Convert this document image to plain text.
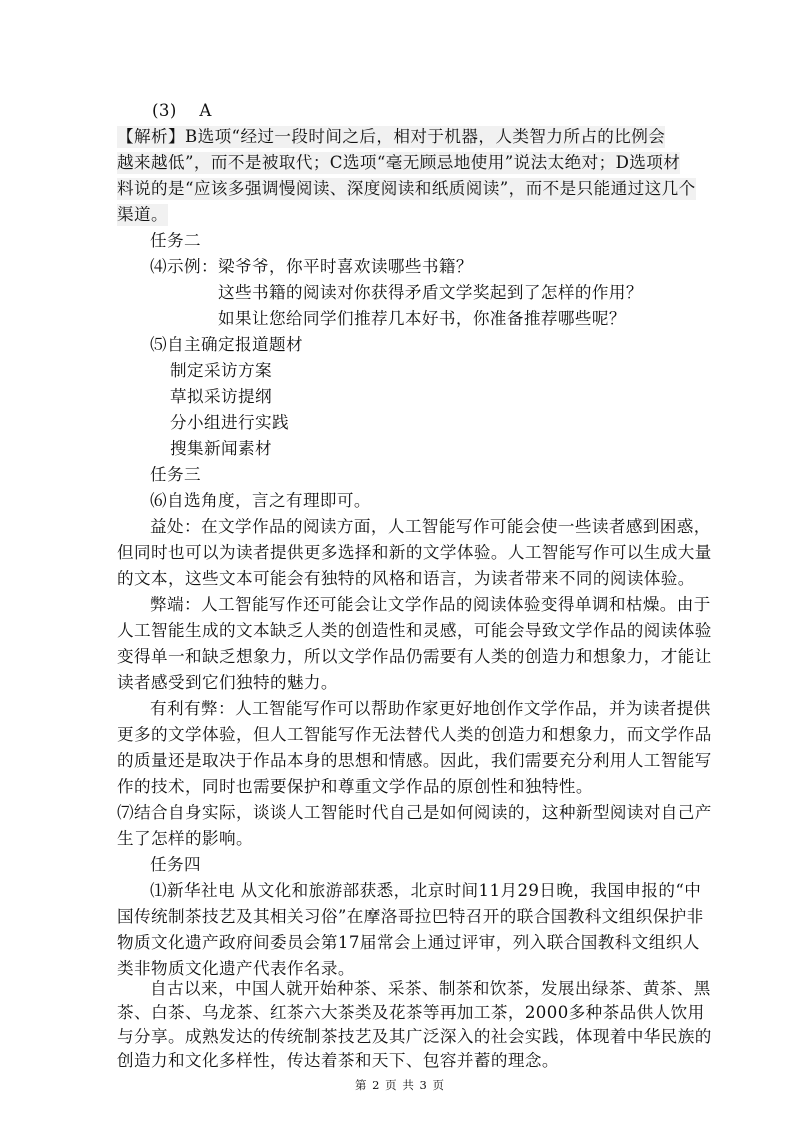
(3)　 A
【解析】B选项“经过一段时间之后，相对于机器，人类智力所占的比例会
越来越低”，而不是被取代；C选项“毫无顾忌地使用”说法太绝对；D选项材
料说的是“应该多强调慢阅读、深度阅读和纸质阅读”，而不是只能通过这几个
渠道。
任务二
⑷示例：梁爷爷，你平时喜欢读哪些书籍？
这些书籍的阅读对你获得矛盾文学奖起到了怎样的作用？
如果让您给同学们推荐几本好书，你准备推荐哪些呢？
⑸自主确定报道题材
制定采访方案
草拟采访提纲
分小组进行实践
搜集新闻素材
任务三
⑹自选角度，言之有理即可。
益处：在文学作品的阅读方面，人工智能写作可能会使一些读者感到困惑，
但同时也可以为读者提供更多选择和新的文学体验。人工智能写作可以生成大量
的文本，这些文本可能会有独特的风格和语言，为读者带来不同的阅读体验。
弊端：人工智能写作还可能会让文学作品的阅读体验变得单调和枯燥。由于
人工智能生成的文本缺乏人类的创造性和灵感，可能会导致文学作品的阅读体验
变得单一和缺乏想象力，所以文学作品仍需要有人类的创造力和想象力，才能让
读者感受到它们独特的魅力。
有利有弊：人工智能写作可以帮助作家更好地创作文学作品，并为读者提供
更多的文学体验，但人工智能写作无法替代人类的创造力和想象力，而文学作品
的质量还是取决于作品本身的思想和情感。因此，我们需要充分利用人工智能写
作的技术，同时也需要保护和尊重文学作品的原创性和独特性。
⑺结合自身实际，谈谈人工智能时代自己是如何阅读的，这种新型阅读对自己产
生了怎样的影响。
任务四
⑴新华社电 从文化和旅游部获悉，北京时间11月29日晚，我国申报的“中
国传统制茶技艺及其相关习俗”在摩洛哥拉巴特召开的联合国教科文组织保护非
物质文化遗产政府间委员会第17届常会上通过评审，列入联合国教科文组织人
类非物质文化遗产代表作名录。
自古以来，中国人就开始种茶、采茶、制茶和饮茶，发展出绿茶、黄茶、黑
茶、白茶、乌龙茶、红茶六大茶类及花茶等再加工茶，2000多种茶品供人饮用
与分享。成熟发达的传统制茶技艺及其广泛深入的社会实践，体现着中华民族的
创造力和文化多样性，传达着茶和天下、包容并蓄的理念。
第 2 页 共 3 页
